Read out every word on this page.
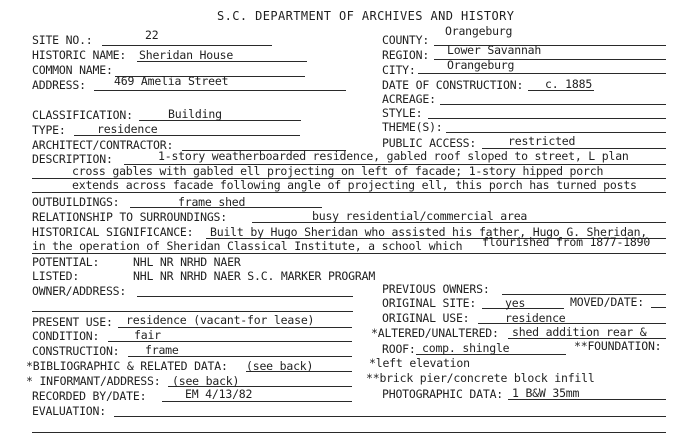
S.C. DEPARTMENT OF ARCHIVES AND HISTORY
SITE NO.:	22	COUNTY:
Orangeburg
HISTORIC NAME: Sheridan House	REGION: Lower Savannah
COMMON NAME:	CITY:	Orangeburg
ADDRESS: 469 Amelia Street	DATE OF CONSTRUCTION: c. 1885
ACREAGE:
CLASSIFICATION:	Building	STYLE:
TYPE:	residence	THEME(S):
ARCHITECT/CONTRACTOR:	PUBLIC ACCESS:	restricted
DESCRIPTION:	1-story weatherboarded residence, gabled roof sloped to street, L plan
cross gables with gabled ell projecting on left of facade; 1-story hipped porch
extends across facade following angle of projecting ell, this porch has turned posts
OUTBUILDINGS:	frame shed
RELATIONSHIP TO SURROUNDINGS:	busy residential/commercial area
HISTORICAL SIGNIFICANCE: Built by Hugo Sheridan who assisted his father, Hugo G. Sheridan,
in the operation of Sheridan Classical Institute, a school which flourished from 1877-1890
POTENTIAL:	NHL NR NRHD NAER
LISTED:	NHL NR NRHD NAER S.C. MARKER PROGRAM
OWNER/ADDRESS:	PREVIOUS OWNERS:
ORIGINAL SITE:	yes	MOVED/DATE:
PRESENT USE: residence (vacant-for lease)	ORIGINAL USE:	residence
CONDITION:	fair	*ALTERED/UNALTERED: shed addition rear &
CONSTRUCTION: frame	ROOF: comp. shingle	**FOUNDATION:
*BIBLIOGRAPHIC & RELATED DATA: (see back)	*left elevation
* INFORMANT/ADDRESS: (see back)	**brick pier/concrete block infill
RECORDED BY/DATE:	EM 4/13/82	PHOTOGRAPHIC DATA: 1 B&W 35mm
EVALUATION:
